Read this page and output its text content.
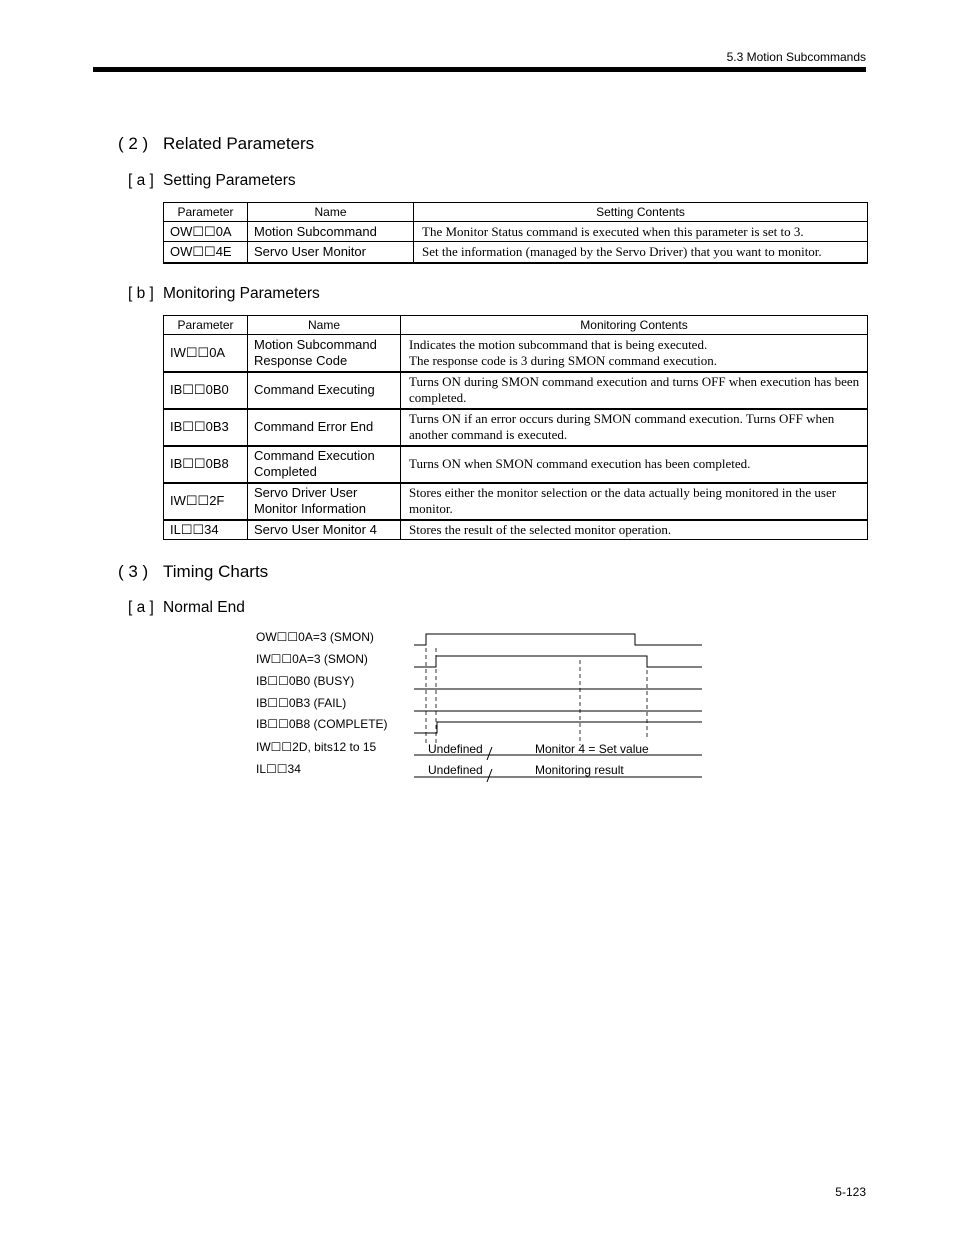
5.3 Motion Subcommands
( 2 ) Related Parameters
[ a ] Setting Parameters
Parameter	Name	Setting Contents
OW☐☐0A	Motion Subcommand	The Monitor Status command is executed when this parameter is set to 3.
OW☐☐4E	Servo User Monitor	Set the information (managed by the Servo Driver) that you want to monitor.
[ b ] Monitoring Parameters
Parameter	Name	Monitoring Contents
IW☐☐0A	Motion Subcommand Response Code	Indicates the motion subcommand that is being executed.
The response code is 3 during SMON command execution.
IB☐☐0B0	Command Executing	Turns ON during SMON command execution and turns OFF when execution has been completed.
IB☐☐0B3	Command Error End	Turns ON if an error occurs during SMON command execution. Turns OFF when another command is executed.
IB☐☐0B8	Command Execution Completed	Turns ON when SMON command execution has been completed.
IW☐☐2F	Servo Driver User Monitor Information	Stores either the monitor selection or the data actually being monitored in the user monitor.
IL☐☐34	Servo User Monitor 4	Stores the result of the selected monitor operation.
( 3 ) Timing Charts
[ a ] Normal End
OW☐☐0A=3 (SMON)
IW☐☐0A=3 (SMON)
IB☐☐0B0 (BUSY)
IB☐☐0B3 (FAIL)
IB☐☐0B8 (COMPLETE)
IW☐☐2D, bits12 to 15
IL☐☐34
Undefined	Monitor 4 = Set value
Undefined	Monitoring result
5-123
